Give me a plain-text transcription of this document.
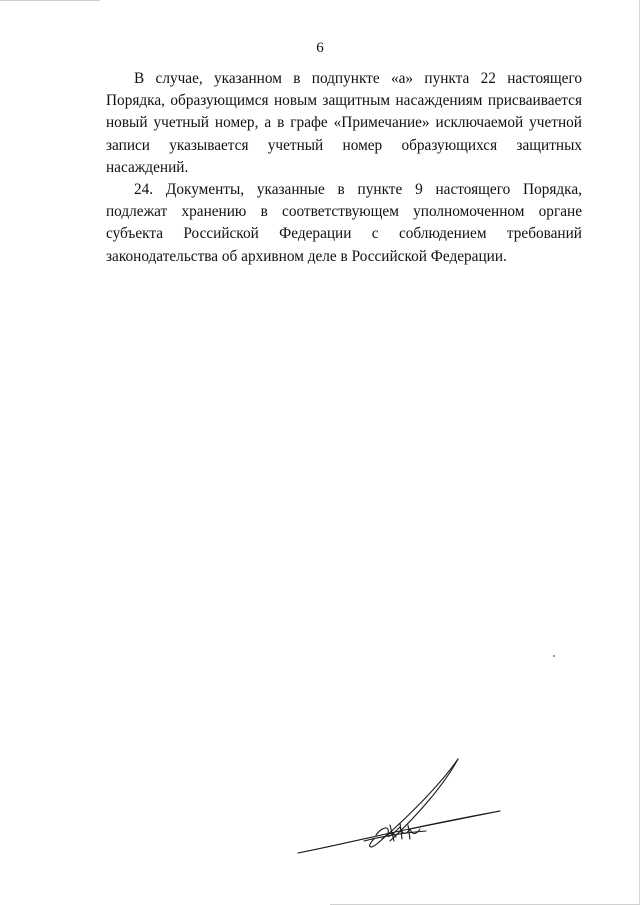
6

В случае, указанном в подпункте «а» пункта 22 настоящего Порядка, образующимся новым защитным насаждениям присваивается новый учетный номер, а в графе «Примечание» исключаемой учетной записи указывается учетный номер образующихся защитных насаждений.

24. Документы, указанные в пункте 9 настоящего Порядка, подлежат хранению в соответствующем уполномоченном органе субъекта Российской Федерации с соблюдением требований законодательства об архивном деле в Российской Федерации.
